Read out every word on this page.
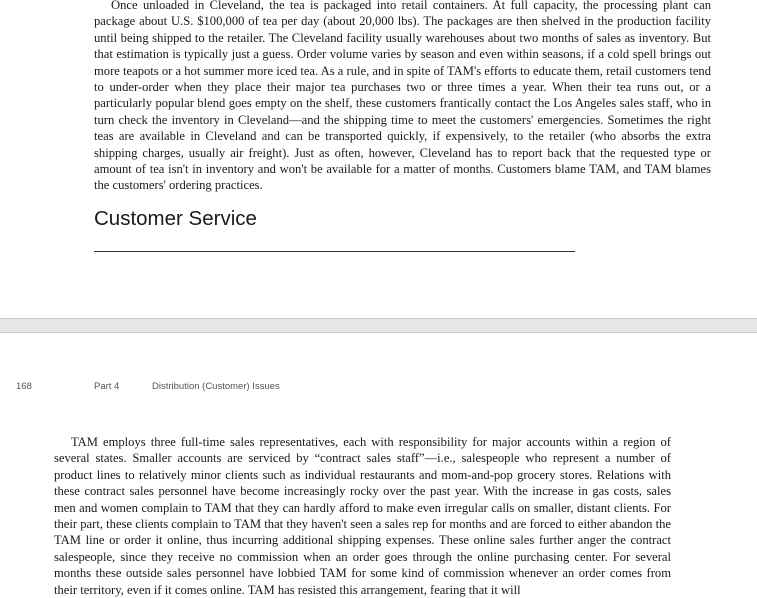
Once unloaded in Cleveland, the tea is packaged into retail containers. At full capacity, the processing plant can package about U.S. $100,000 of tea per day (about 20,000 lbs). The packages are then shelved in the production facility until being shipped to the retailer. The Cleveland facility usually warehouses about two months of sales as inventory. But that estimation is typically just a guess. Order volume varies by season and even within seasons, if a cold spell brings out more teapots or a hot summer more iced tea. As a rule, and in spite of TAM's efforts to educate them, retail customers tend to under-order when they place their major tea purchases two or three times a year. When their tea runs out, or a particularly popular blend goes empty on the shelf, these customers frantically contact the Los Angeles sales staff, who in turn check the inventory in Cleveland—and the shipping time to meet the customers' emergencies. Sometimes the right teas are available in Cleveland and can be transported quickly, if expensively, to the retailer (who absorbs the extra shipping charges, usually air freight). Just as often, however, Cleveland has to report back that the requested type or amount of tea isn't in inventory and won't be available for a matter of months. Customers blame TAM, and TAM blames the customers' ordering practices.

Customer Service

168	Part 4	Distribution (Customer) Issues

TAM employs three full-time sales representatives, each with responsibility for major accounts within a region of several states. Smaller accounts are serviced by “contract sales staff”—i.e., salespeople who represent a number of product lines to relatively minor clients such as individual restaurants and mom-and-pop grocery stores. Relations with these contract sales personnel have become increasingly rocky over the past year. With the increase in gas costs, sales men and women complain to TAM that they can hardly afford to make even irregular calls on smaller, distant clients. For their part, these clients complain to TAM that they haven't seen a sales rep for months and are forced to either abandon the TAM line or order it online, thus incurring additional shipping expenses. These online sales further anger the contract salespeople, since they receive no commission when an order goes through the online purchasing center. For several months these outside sales personnel have lobbied TAM for some kind of commission whenever an order comes from their territory, even if it comes online. TAM has resisted this arrangement, fearing that it will
